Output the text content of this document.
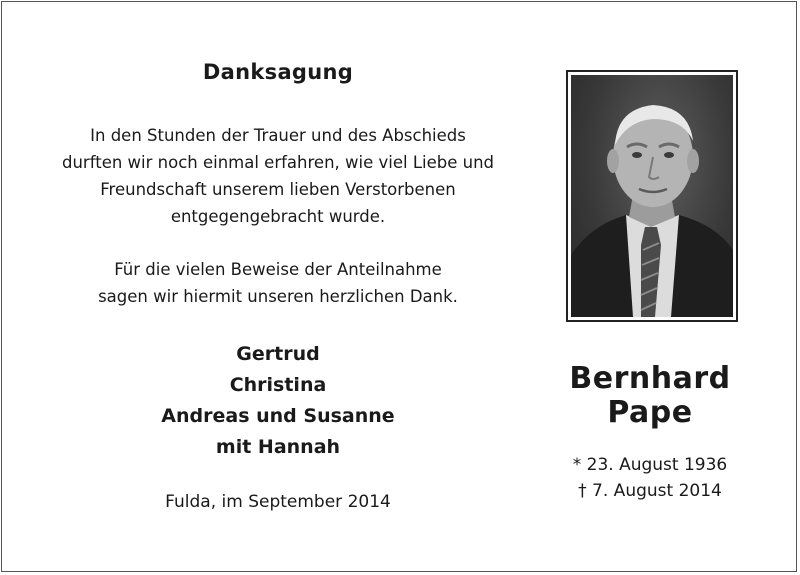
Danksagung
In den Stunden der Trauer und des Abschieds
durften wir noch einmal erfahren, wie viel Liebe und
Freundschaft unserem lieben Verstorbenen
entgegengebracht wurde.
Für die vielen Beweise der Anteilnahme
sagen wir hiermit unseren herzlichen Dank.
Gertrud
Christina
Andreas und Susanne
mit Hannah
Fulda, im September 2014
Bernhard
Pape
* 23. August 1936
† 7. August 2014
